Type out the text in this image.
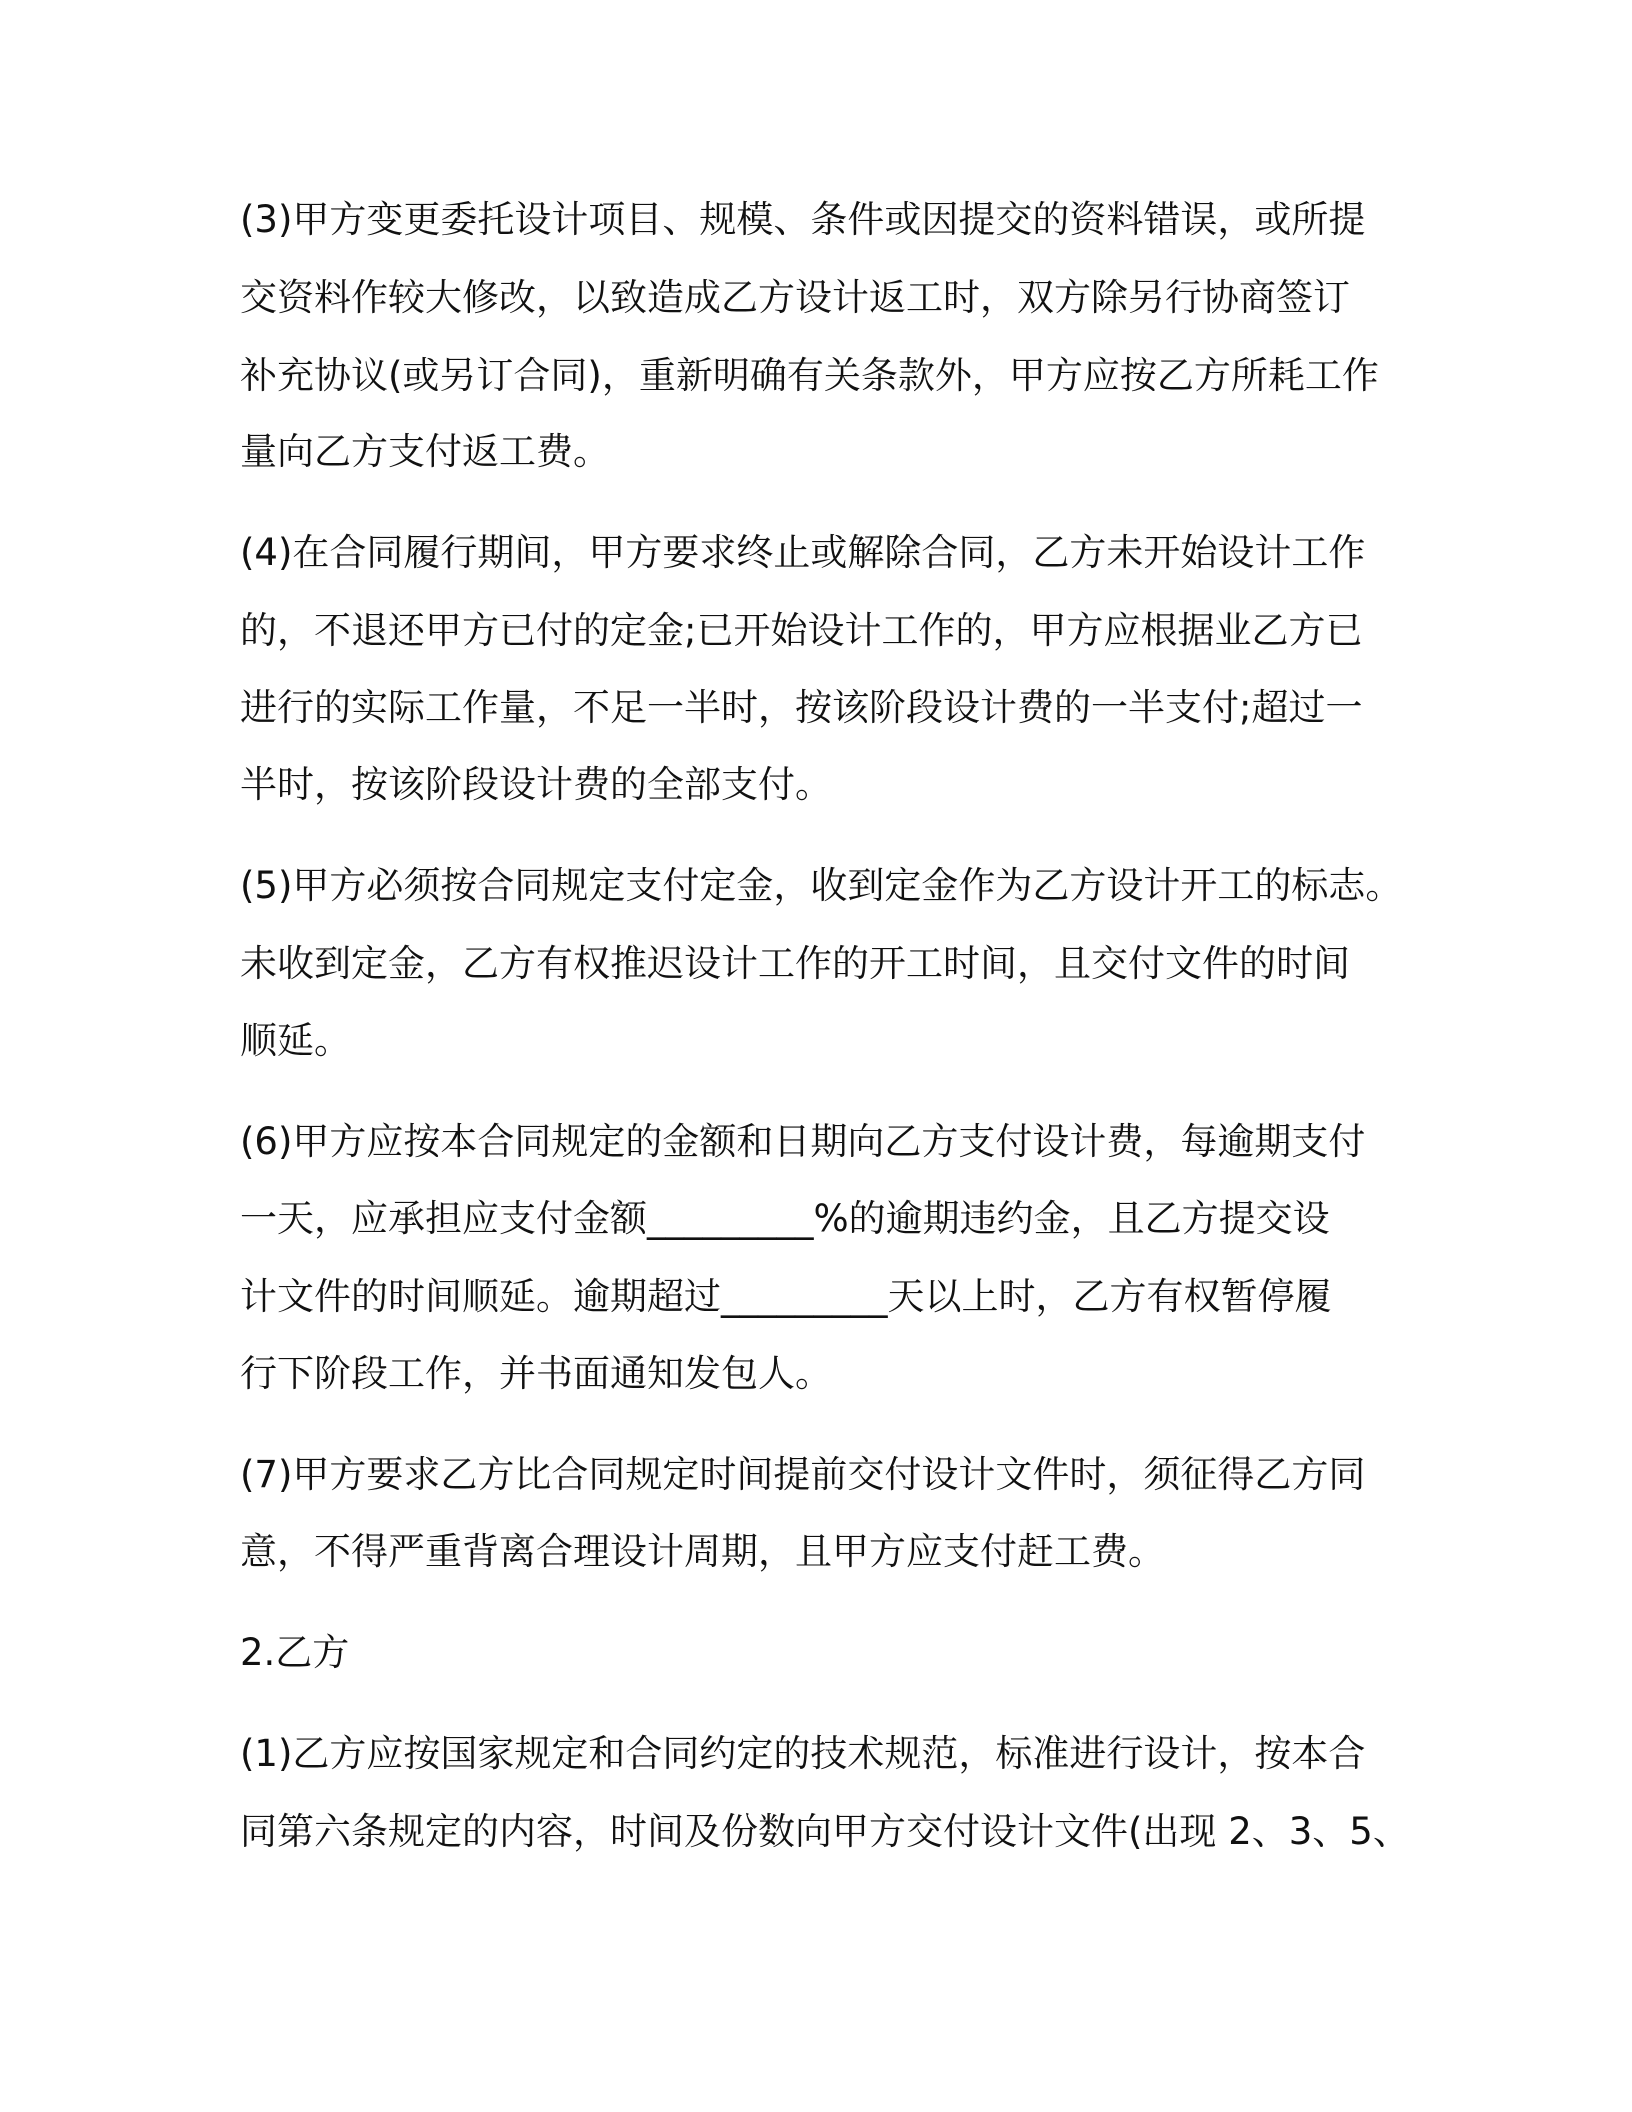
(3)甲方变更委托设计项目、规模、条件或因提交的资料错误，或所提
交资料作较大修改，以致造成乙方设计返工时，双方除另行协商签订
补充协议(或另订合同)，重新明确有关条款外，甲方应按乙方所耗工作
量向乙方支付返工费。
(4)在合同履行期间，甲方要求终止或解除合同，乙方未开始设计工作
的，不退还甲方已付的定金;已开始设计工作的，甲方应根据业乙方已
进行的实际工作量，不足一半时，按该阶段设计费的一半支付;超过一
半时，按该阶段设计费的全部支付。
(5)甲方必须按合同规定支付定金，收到定金作为乙方设计开工的标志。
未收到定金，乙方有权推迟设计工作的开工时间，且交付文件的时间
顺延。
(6)甲方应按本合同规定的金额和日期向乙方支付设计费，每逾期支付
一天，应承担应支付金额_________%的逾期违约金，且乙方提交设
计文件的时间顺延。逾期超过_________天以上时，乙方有权暂停履
行下阶段工作，并书面通知发包人。
(7)甲方要求乙方比合同规定时间提前交付设计文件时，须征得乙方同
意，不得严重背离合理设计周期，且甲方应支付赶工费。
2.乙方
(1)乙方应按国家规定和合同约定的技术规范，标准进行设计，按本合
同第六条规定的内容，时间及份数向甲方交付设计文件(出现 2、3、5、
